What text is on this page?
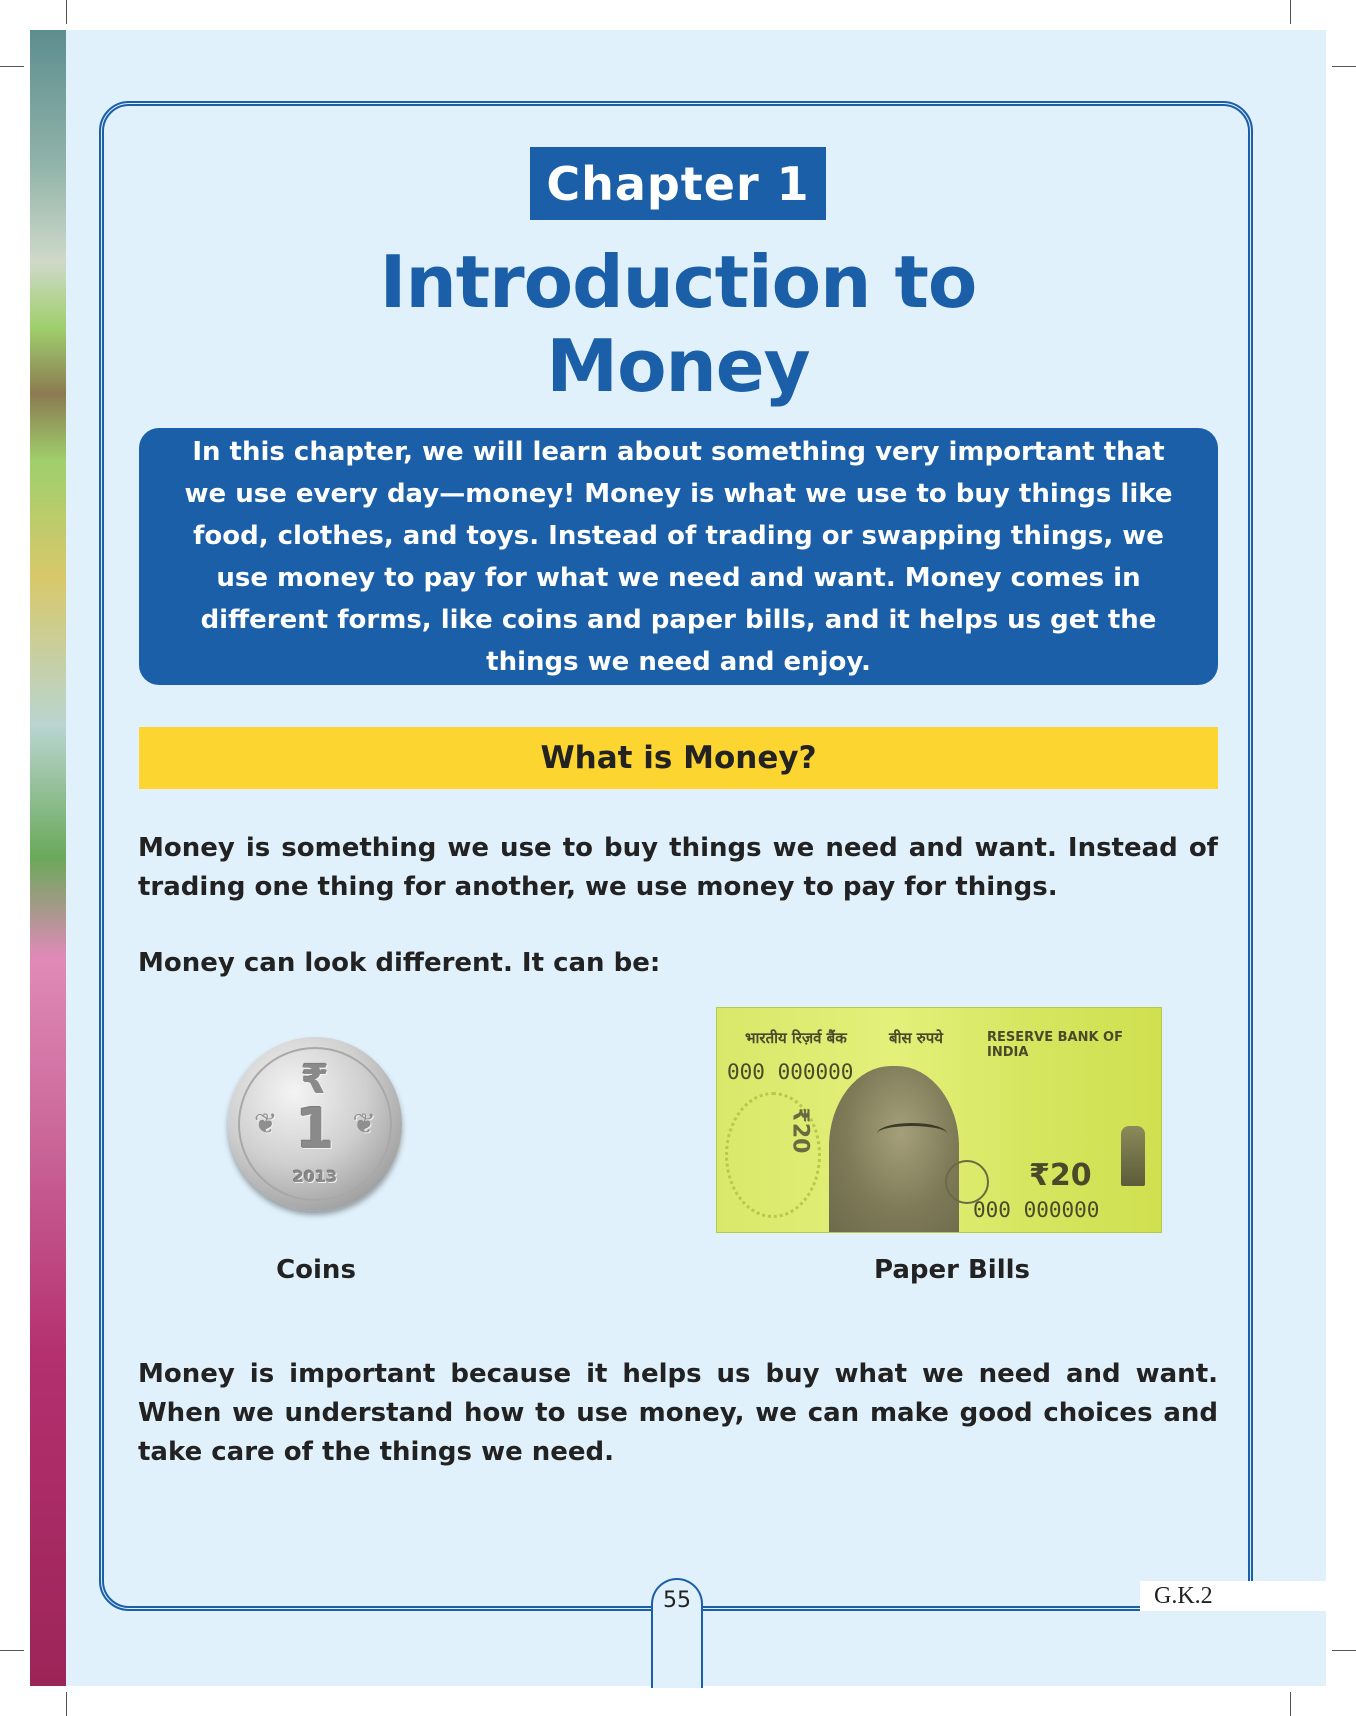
Chapter 1
Introduction to
Money
In this chapter, we will learn about something very important that we use every day—money! Money is what we use to buy things like food, clothes, and toys. Instead of trading or swapping things, we use money to pay for what we need and want. Money comes in different forms, like coins and paper bills, and it helps us get the things we need and enjoy.
What is Money?
Money is something we use to buy things we need and want. Instead of trading one thing for another, we use money to pay for things.
Money can look different. It can be:
❦	❦
₹
1
2013
भारतीय रिज़र्व बैंक	बीस रुपये	RESERVE BANK OF INDIA
000 000000
₹20
₹20
000 000000
Coins	Paper Bills
Money is important because it helps us buy what we need and want. When we understand how to use money, we can make good choices and take care of the things we need.
55	G.K.2
